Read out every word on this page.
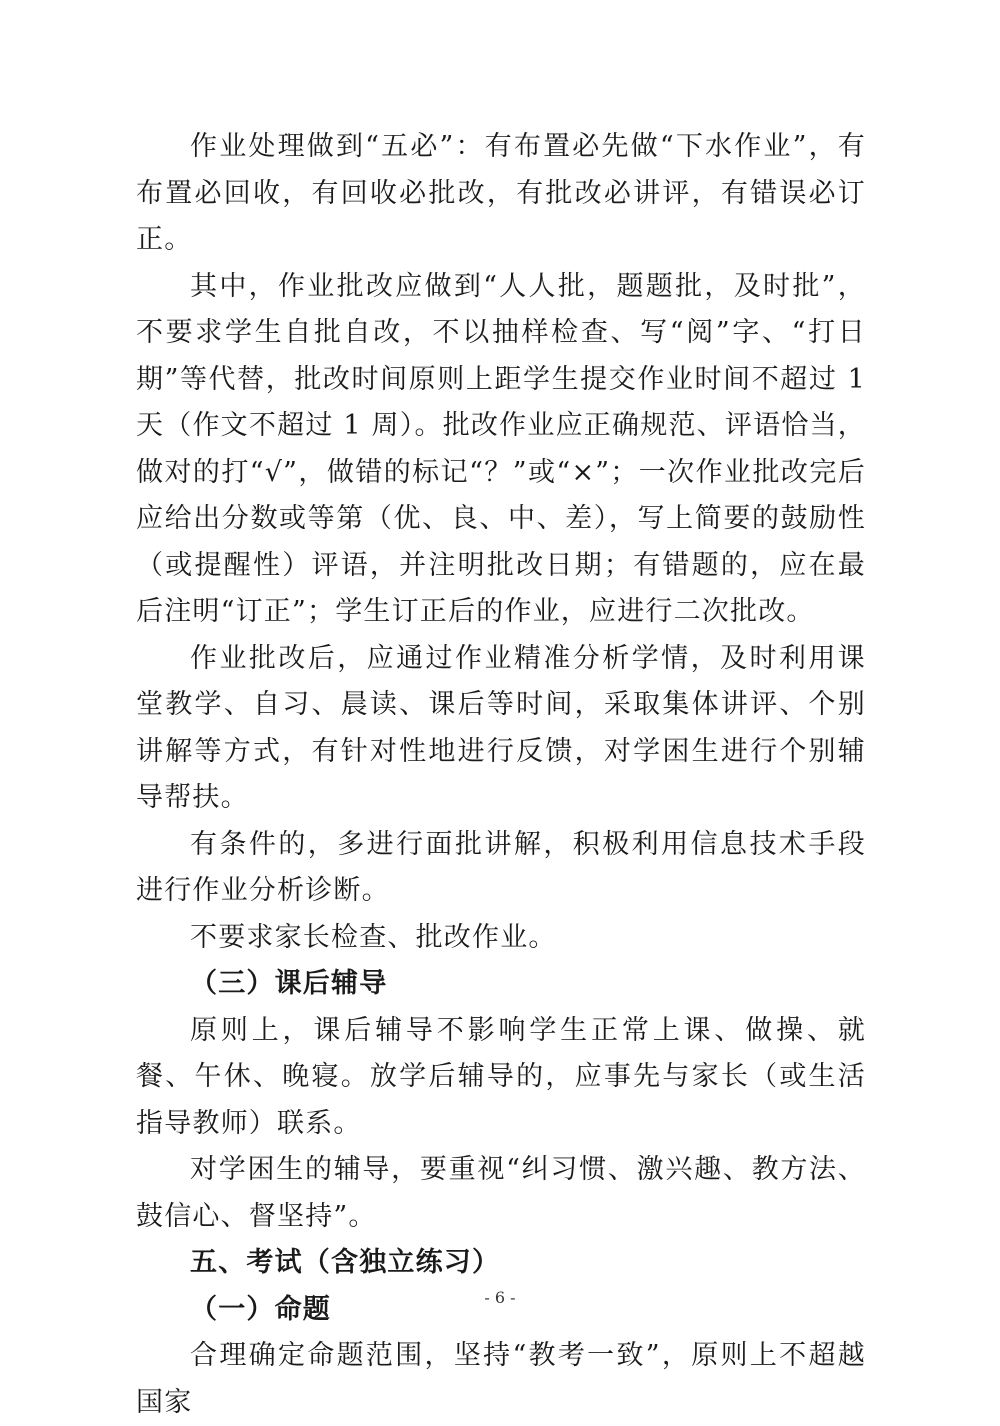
作业处理做到“五必”：有布置必先做“下水作业”，有布置必回收，有回收必批改，有批改必讲评，有错误必订正。

其中，作业批改应做到“人人批，题题批，及时批”，不要求学生自批自改，不以抽样检查、写“阅”字、“打日期”等代替，批改时间原则上距学生提交作业时间不超过 1 天（作文不超过 1 周）。批改作业应正确规范、评语恰当，做对的打“√”，做错的标记“？”或“×”；一次作业批改完后应给出分数或等第（优、良、中、差），写上简要的鼓励性（或提醒性）评语，并注明批改日期；有错题的，应在最后注明“订正”；学生订正后的作业，应进行二次批改。

作业批改后，应通过作业精准分析学情，及时利用课堂教学、自习、晨读、课后等时间，采取集体讲评、个别讲解等方式，有针对性地进行反馈，对学困生进行个别辅导帮扶。

有条件的，多进行面批讲解，积极利用信息技术手段进行作业分析诊断。

不要求家长检查、批改作业。

（三）课后辅导

原则上，课后辅导不影响学生正常上课、做操、就餐、午休、晚寝。放学后辅导的，应事先与家长（或生活指导教师）联系。

对学困生的辅导，要重视“纠习惯、激兴趣、教方法、鼓信心、督坚持”。

五、考试（含独立练习）

（一）命题

合理确定命题范围，坚持“教考一致”，原则上不超越国家

- 6 -
